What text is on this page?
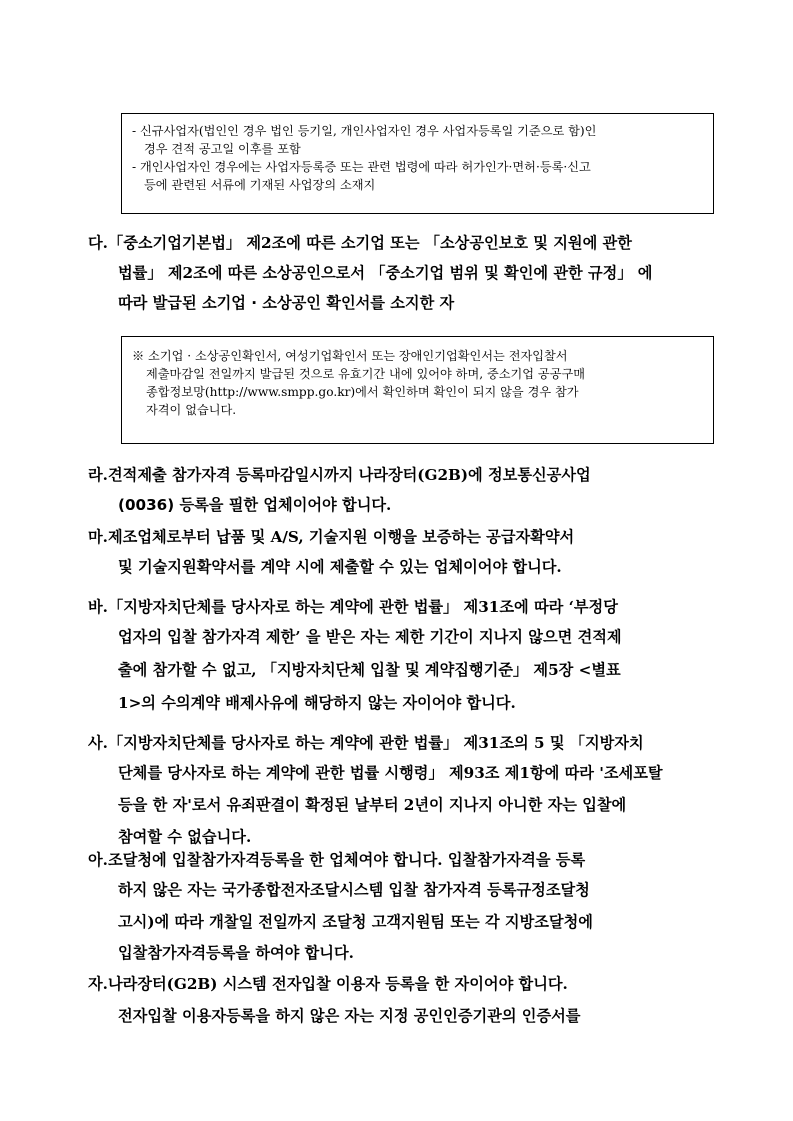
- 신규사업자(법인인 경우 법인 등기일, 개인사업자인 경우 사업자등록일 기준으로 함)인

경우 견적 공고일 이후를 포함

- 개인사업자인 경우에는 사업자등록증 또는 관련 법령에 따라 허가인가·면허·등록·신고

등에 관련된 서류에 기재된 사업장의 소재지

다. 「중소기업기본법」 제2조에 따른 소기업 또는 「소상공인보호 및 지원에 관한
법률」 제2조에 따른 소상공인으로서 「중소기업 범위 및 확인에 관한 규정」 에
따라 발급된 소기업 · 소상공인 확인서를 소지한 자

※ 소기업 · 소상공인확인서, 여성기업확인서 또는 장애인기업확인서는 전자입찰서

제출마감일 전일까지 발급된 것으로 유효기간 내에 있어야 하며, 중소기업 공공구매

종합정보망(http://www.smpp.go.kr)에서 확인하며 확인이 되지 않을 경우 참가

자격이 없습니다.

라. 견적제출 참가자격 등록마감일시까지 나라장터(G2B)에 정보통신공사업
(0036) 등록을 필한 업체이어야 합니다.
마. 제조업체로부터 납품 및 A/S, 기술지원 이행을 보증하는 공급자확약서
및 기술지원확약서를 계약 시에 제출할 수 있는 업체이어야 합니다.
바. 「지방자치단체를 당사자로 하는 계약에 관한 법률」 제31조에 따라 ‘부정당
업자의 입찰 참가자격 제한’ 을 받은 자는 제한 기간이 지나지 않으면 견적제
출에 참가할 수 없고, 「지방자치단체 입찰 및 계약집행기준」 제5장 <별표
1>의 수의계약 배제사유에 해당하지 않는 자이어야 합니다.
사. 「지방자치단체를 당사자로 하는 계약에 관한 법률」 제31조의 5 및 「지방자치
단체를 당사자로 하는 계약에 관한 법률 시행령」 제93조 제1항에 따라 '조세포탈
등을 한 자'로서 유죄판결이 확정된 날부터 2년이 지나지 아니한 자는 입찰에
참여할 수 없습니다.
아. 조달청에 입찰참가자격등록을 한 업체여야 합니다. 입찰참가자격을 등록
하지 않은 자는 국가종합전자조달시스템 입찰 참가자격 등록규정조달청
고시)에 따라 개찰일 전일까지 조달청 고객지원팀 또는 각 지방조달청에
입찰참가자격등록을 하여야 합니다.
자. 나라장터(G2B) 시스템 전자입찰 이용자 등록을 한 자이어야 합니다.
전자입찰 이용자등록을 하지 않은 자는 지정 공인인증기관의 인증서를
